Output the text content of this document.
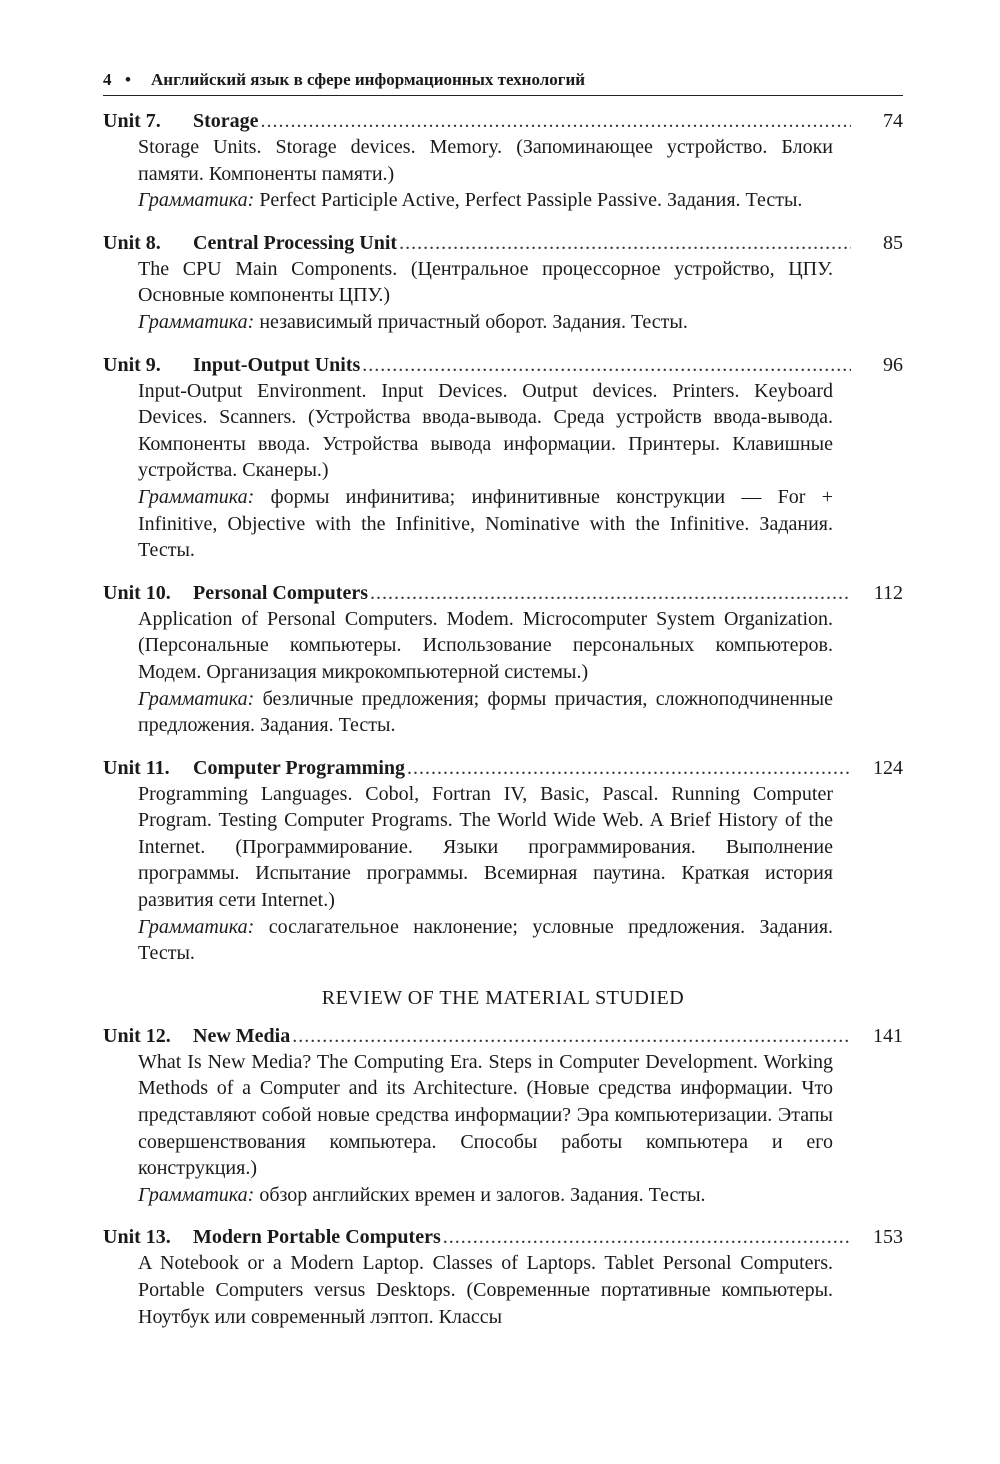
4 •	Английский язык в сфере информационных технологий
Unit 7.	Storage .....	74
Storage Units. Storage devices. Memory. (Запоминающее устройство. Блоки памяти. Компоненты памяти.)
Грамматика: Perfect Participle Active, Perfect Passiple Passive. Задания. Тесты.
Unit 8.	Central Processing Unit .....	85
The CPU Main Components. (Центральное процессорное устройство, ЦПУ. Основные компоненты ЦПУ.)
Грамматика: независимый причастный оборот. Задания. Тесты.
Unit 9.	Input-Output Units .....	96
Input-Output Environment. Input Devices. Output devices. Printers. Keyboard Devices. Scanners. (Устройства ввода-вывода. Среда устройств ввода-вывода. Компоненты ввода. Устройства вывода информации. Принтеры. Клавишные устройства. Сканеры.)
Грамматика: формы инфинитива; инфинитивные конструкции — For + Infinitive, Objective with the Infinitive, Nominative with the Infinitive. Задания. Тесты.
Unit 10.	Personal Computers .....	112
Application of Personal Computers. Modem. Microcomputer System Organization. (Персональные компьютеры. Использование персональных компьютеров. Модем. Организация микрокомпьютерной системы.)
Грамматика: безличные предложения; формы причастия, сложноподчиненные предложения. Задания. Тесты.
Unit 11.	Computer Programming .....	124
Programming Languages. Cobol, Fortran IV, Basic, Pascal. Running Computer Program. Testing Computer Programs. The World Wide Web. A Brief History of the Internet. (Программирование. Языки программирования. Выполнение программы. Испытание программы. Всемирная паутина. Краткая история развития сети Internet.)
Грамматика: сослагательное наклонение; условные предложения. Задания. Тесты.
REVIEW OF THE MATERIAL STUDIED
Unit 12.	New Media .....	141
What Is New Media? The Computing Era. Steps in Computer Development. Working Methods of a Computer and its Architecture. (Новые средства информации. Что представляют собой новые средства информации? Эра компьютеризации. Этапы совершенствования компьютера. Способы работы компьютера и его конструкция.)
Грамматика: обзор английских времен и залогов. Задания. Тесты.
Unit 13.	Modern Portable Computers .....	153
A Notebook or a Modern Laptop. Classes of Laptops. Tablet Personal Computers. Portable Computers versus Desktops. (Современные портативные компьютеры. Ноутбук или современный лэптоп. Классы
